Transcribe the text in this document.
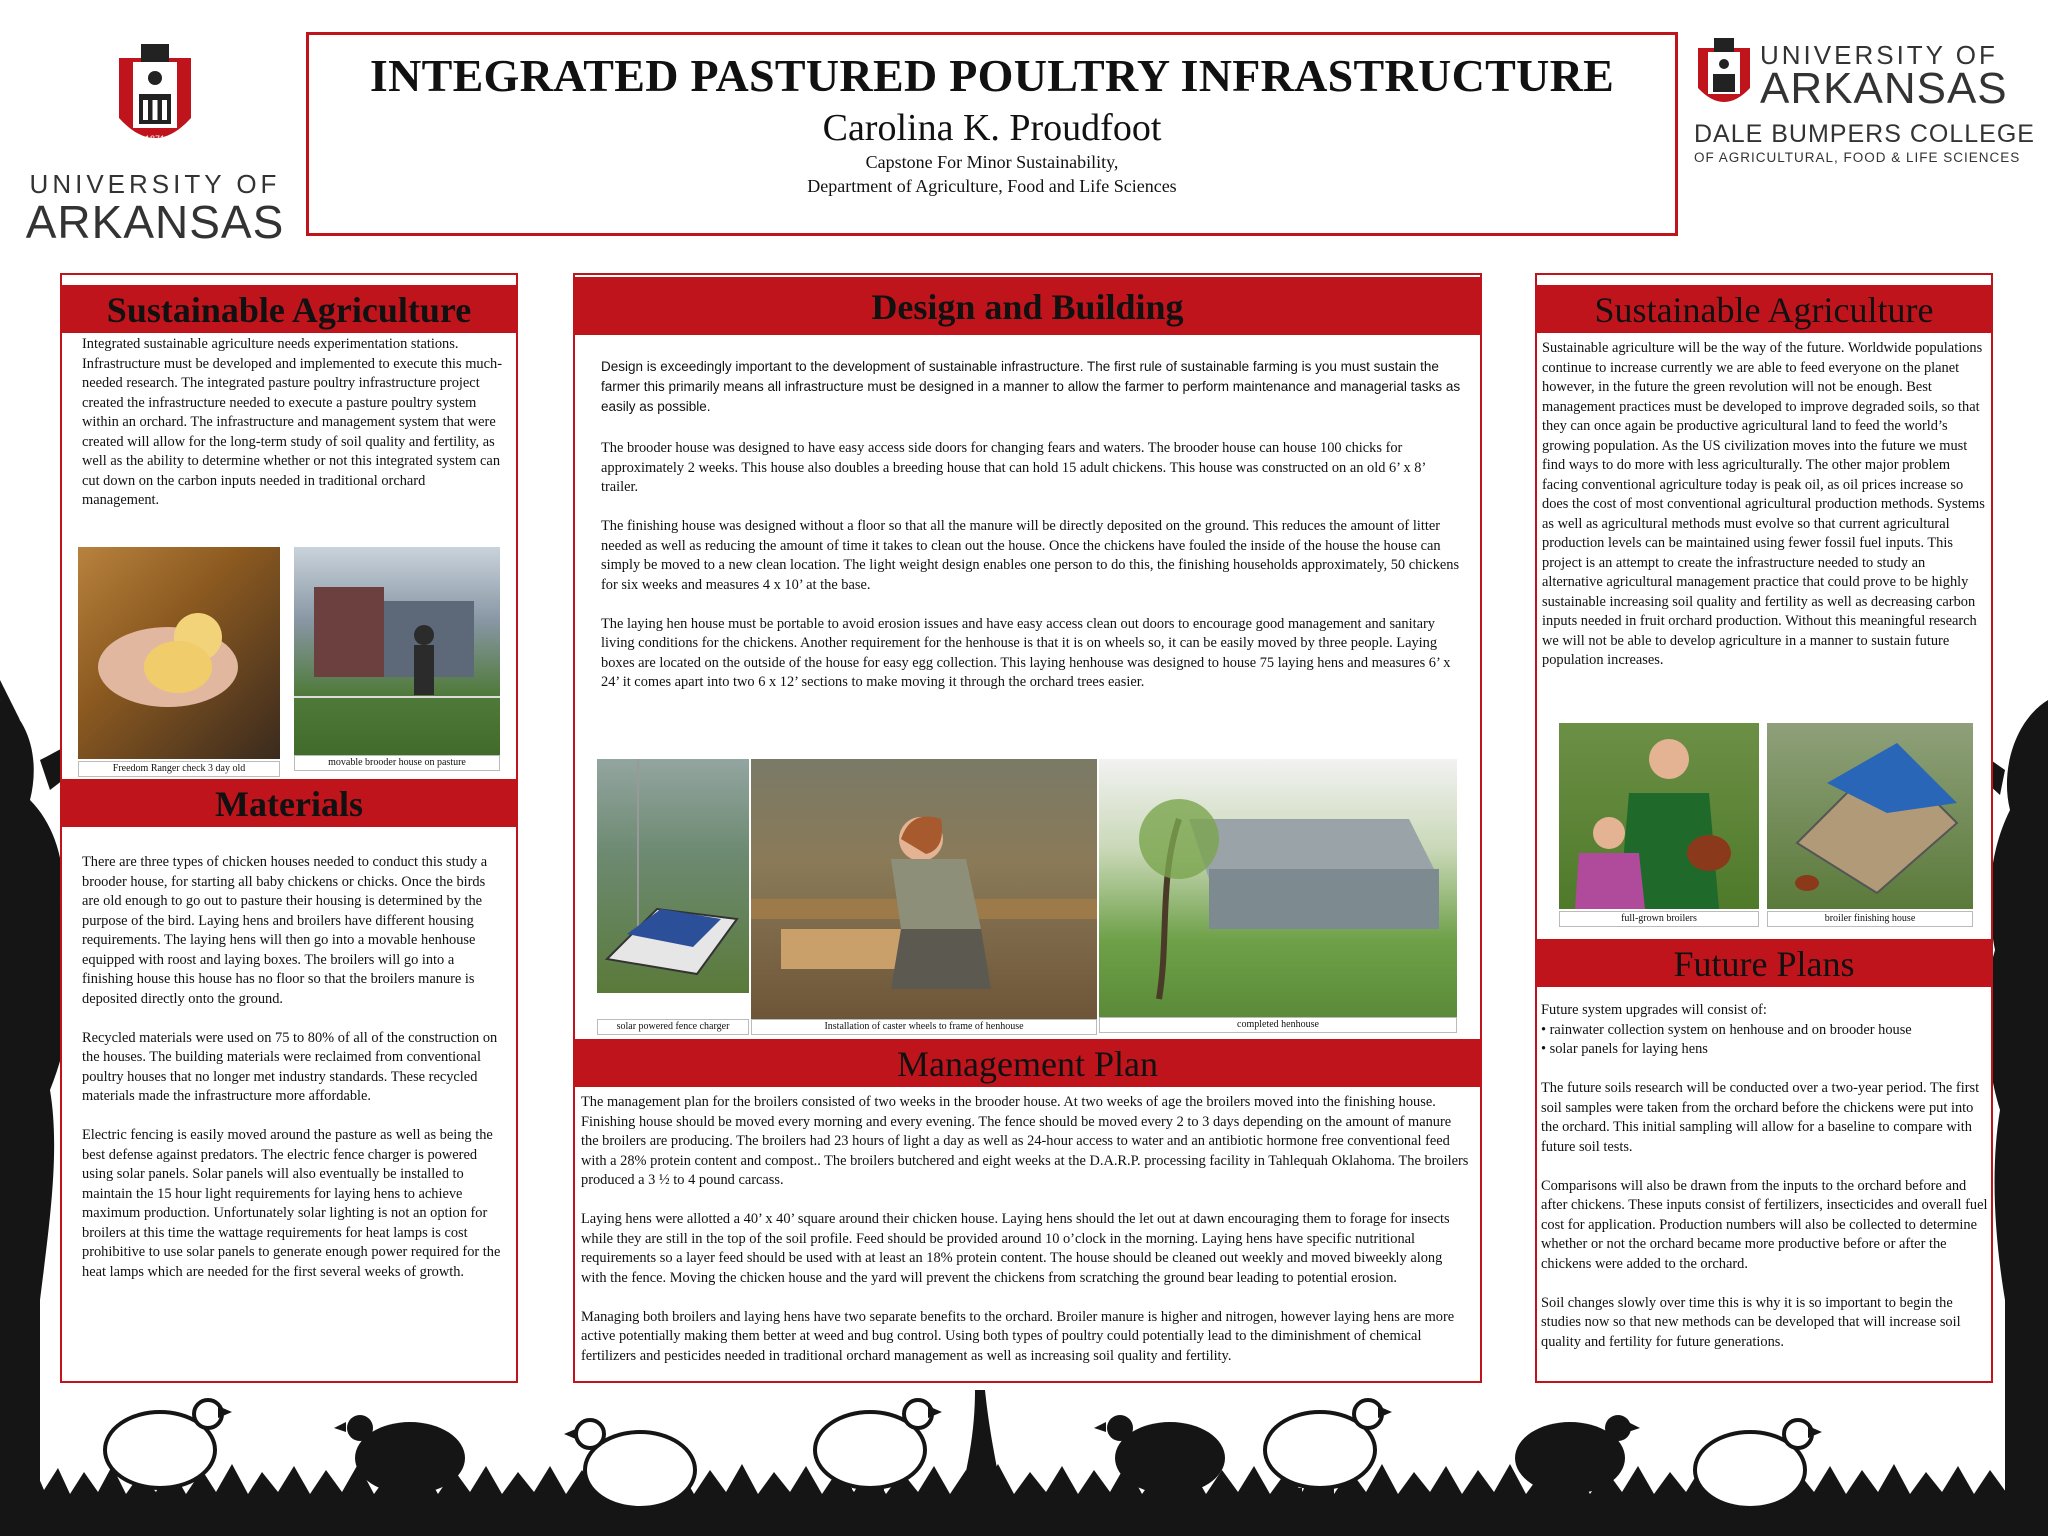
1871
UNIVERSITY OF
ARKANSAS
UNIVERSITY OF
ARKANSAS
DALE BUMPERS COLLEGE
OF AGRICULTURAL, FOOD & LIFE SCIENCES
INTEGRATED PASTURED POULTRY INFRASTRUCTURE
Carolina K. Proudfoot
Capstone For Minor Sustainability,
Department of Agriculture, Food and Life Sciences
Sustainable Agriculture
Integrated sustainable agriculture needs experimentation stations. Infrastructure must be developed and implemented to execute this much-needed research. The integrated pasture poultry infrastructure project created the infrastructure needed to execute a pasture poultry system within an orchard. The infrastructure and management system that were created will allow for the long-term study of soil quality and fertility, as well as the ability to determine whether or not this integrated system can cut down on the carbon inputs needed in traditional orchard management.
Freedom Ranger check 3 day old
movable brooder house on pasture
Materials

There are three types of chicken houses needed to conduct this study a brooder house, for starting all baby chickens or chicks. Once the birds are old enough to go out to pasture their housing is determined by the purpose of the bird. Laying hens and broilers have different housing requirements. The laying hens will then go into a movable henhouse equipped with roost and laying boxes. The broilers will go into a finishing house this house has no floor so that the broilers manure is deposited directly onto the ground.

Recycled materials were used on 75 to 80% of all of the construction on the houses. The building materials were reclaimed from conventional poultry houses that no longer met industry standards. These recycled materials made the infrastructure more affordable.

Electric fencing is easily moved around the pasture as well as being the best defense against predators. The electric fence charger is powered using solar panels. Solar panels will also eventually be installed to maintain the 15 hour light requirements for laying hens to achieve maximum production. Unfortunately solar lighting is not an option for broilers at this time the wattage requirements for heat lamps is cost prohibitive to use solar panels to generate enough power required for the heat lamps which are needed for the first several weeks of growth.

Design and Building
Design is exceedingly important to the development of sustainable infrastructure. The first rule of sustainable farming is you must sustain the farmer this primarily means all infrastructure must be designed in a manner to allow the farmer to perform maintenance and managerial tasks as easily as possible.

The brooder house was designed to have easy access side doors for changing fears and waters. The brooder house can house 100 chicks for approximately 2 weeks. This house also doubles a breeding house that can hold 15 adult chickens. This house was constructed on an old 6’ x 8’ trailer.

The finishing house was designed without a floor so that all the manure will be directly deposited on the ground. This reduces the amount of litter needed as well as reducing the amount of time it takes to clean out the house. Once the chickens have fouled the inside of the house the house can simply be moved to a new clean location. The light weight design enables one person to do this, the finishing households approximately, 50 chickens for six weeks and measures 4 x 10’ at the base.

The laying hen house must be portable to avoid erosion issues and have easy access clean out doors to encourage good management and sanitary living conditions for the chickens. Another requirement for the henhouse is that it is on wheels so, it can be easily moved by three people. Laying boxes are located on the outside of the house for easy egg collection. This laying henhouse was designed to house 75 laying hens and measures 6’ x 24’ it comes apart into two 6 x 12’ sections to make moving it through the orchard trees easier.

solar powered fence charger	Installation of caster wheels to frame of henhouse	completed henhouse
Management Plan

The management plan for the broilers consisted of two weeks in the brooder house. At two weeks of age the broilers moved into the finishing house. Finishing house should be moved every morning and every evening. The fence should be moved every 2 to 3 days depending on the amount of manure the broilers are producing. The broilers had 23 hours of light a day as well as 24-hour access to water and an antibiotic hormone free conventional feed with a 28% protein content and compost.. The broilers butchered and eight weeks at the D.A.R.P. processing facility in Tahlequah Oklahoma. The broilers produced a 3 ½ to 4 pound carcass.

Laying hens were allotted a 40’ x 40’ square around their chicken house. Laying hens should the let out at dawn encouraging them to forage for insects while they are still in the top of the soil profile. Feed should be provided around 10 o’clock in the morning. Laying hens have specific nutritional requirements so a layer feed should be used with at least an 18% protein content. The house should be cleaned out weekly and moved biweekly along with the fence. Moving the chicken house and the yard will prevent the chickens from scratching the ground bear leading to potential erosion.

Managing both broilers and laying hens have two separate benefits to the orchard. Broiler manure is higher and nitrogen, however laying hens are more active potentially making them better at weed and bug control. Using both types of poultry could potentially lead to the diminishment of chemical fertilizers and pesticides needed in traditional orchard management as well as increasing soil quality and fertility.

Sustainable Agriculture
Sustainable agriculture will be the way of the future. Worldwide populations continue to increase currently we are able to feed everyone on the planet however, in the future the green revolution will not be enough. Best management practices must be developed to improve degraded soils, so that they can once again be productive agricultural land to feed the world’s growing population. As the US civilization moves into the future we must find ways to do more with less agriculturally. The other major problem facing conventional agriculture today is peak oil, as oil prices increase so does the cost of most conventional agricultural production methods. Systems as well as agricultural methods must evolve so that current agricultural production levels can be maintained using fewer fossil fuel inputs. This project is an attempt to create the infrastructure needed to study an alternative agricultural management practice that could prove to be highly sustainable increasing soil quality and fertility as well as decreasing carbon inputs needed in fruit orchard production. Without this meaningful research we will not be able to develop agriculture in a manner to sustain future population increases.
full-grown broilers	broiler finishing house
Future Plans
Future system upgrades will consist of:
• rainwater collection system on henhouse and on brooder house
• solar panels for laying hens

The future soils research will be conducted over a two-year period. The first soil samples were taken from the orchard before the chickens were put into the orchard. This initial sampling will allow for a baseline to compare with future soil tests.

Comparisons will also be drawn from the inputs to the orchard before and after chickens. These inputs consist of fertilizers, insecticides and overall fuel cost for application. Production numbers will also be collected to determine whether or not the orchard became more productive before or after the chickens were added to the orchard.

Soil changes slowly over time this is why it is so important to begin the studies now so that new methods can be developed that will increase soil quality and fertility for future generations.
